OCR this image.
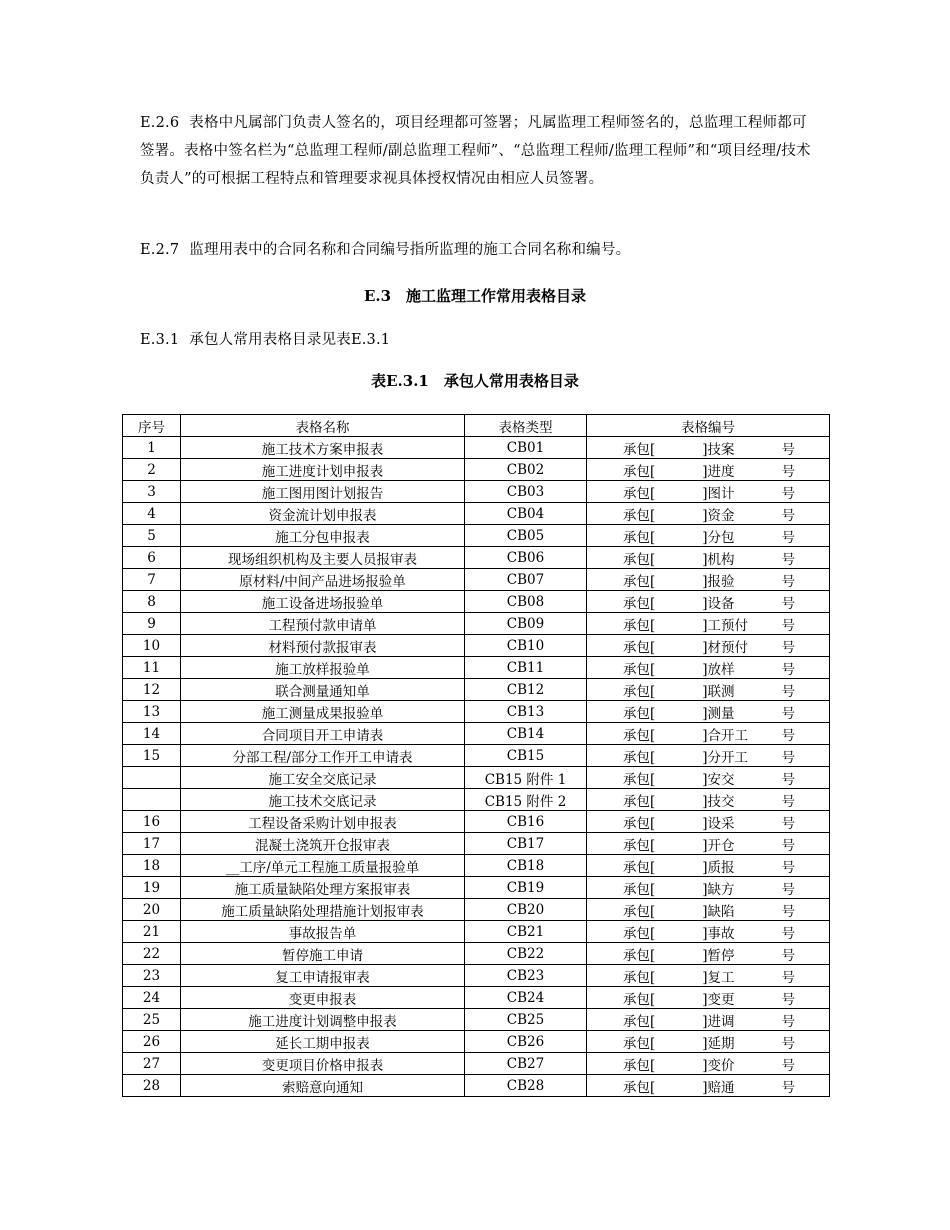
E.2.6 表格中凡属部门负责人签名的，项目经理都可签署；凡属监理工程师签名的，总监理工程师都可签署。表格中签名栏为“总监理工程师/副总监理工程师”、“总监理工程师/监理工程师”和“项目经理/技术负责人”的可根据工程特点和管理要求视具体授权情况由相应人员签署。
E.2.7 监理用表中的合同名称和合同编号指所监理的施工合同名称和编号。
E.3　施工监理工作常用表格目录
E.3.1 承包人常用表格目录见表E.3.1
表E.3.1　承包人常用表格目录
序号	表格名称	表格类型	表格编号
1	施工技术方案申报表	CB01	承包[ ]技案 号

2	施工进度计划申报表	CB02	承包[ ]进度 号

3	施工图用图计划报告	CB03	承包[ ]图计 号

4	资金流计划申报表	CB04	承包[ ]资金 号

5	施工分包申报表	CB05	承包[ ]分包 号

6	现场组织机构及主要人员报审表	CB06	承包[ ]机构 号

7	原材料/中间产品进场报验单	CB07	承包[ ]报验 号

8	施工设备进场报验单	CB08	承包[ ]设备 号

9	工程预付款申请单	CB09	承包[ ]工预付 号

10	材料预付款报审表	CB10	承包[ ]材预付 号

11	施工放样报验单	CB11	承包[ ]放样 号

12	联合测量通知单	CB12	承包[ ]联测 号

13	施工测量成果报验单	CB13	承包[ ]测量 号

14	合同项目开工申请表	CB14	承包[ ]合开工 号

15	分部工程/部分工作开工申请表	CB15	承包[ ]分开工 号

	施工安全交底记录	CB15 附件 1	承包[ ]安交 号

	施工技术交底记录	CB15 附件 2	承包[ ]技交 号

16	工程设备采购计划申报表	CB16	承包[ ]设采 号

17	混凝土浇筑开仓报审表	CB17	承包[ ]开仓 号

18	__工序/单元工程施工质量报验单	CB18	承包[ ]质报 号

19	施工质量缺陷处理方案报审表	CB19	承包[ ]缺方 号

20	施工质量缺陷处理措施计划报审表	CB20	承包[ ]缺陷 号

21	事故报告单	CB21	承包[ ]事故 号

22	暂停施工申请	CB22	承包[ ]暂停 号

23	复工申请报审表	CB23	承包[ ]复工 号

24	变更申报表	CB24	承包[ ]变更 号

25	施工进度计划调整申报表	CB25	承包[ ]进调 号

26	延长工期申报表	CB26	承包[ ]延期 号

27	变更项目价格申报表	CB27	承包[ ]变价 号

28	索赔意向通知	CB28	承包[ ]赔通 号
